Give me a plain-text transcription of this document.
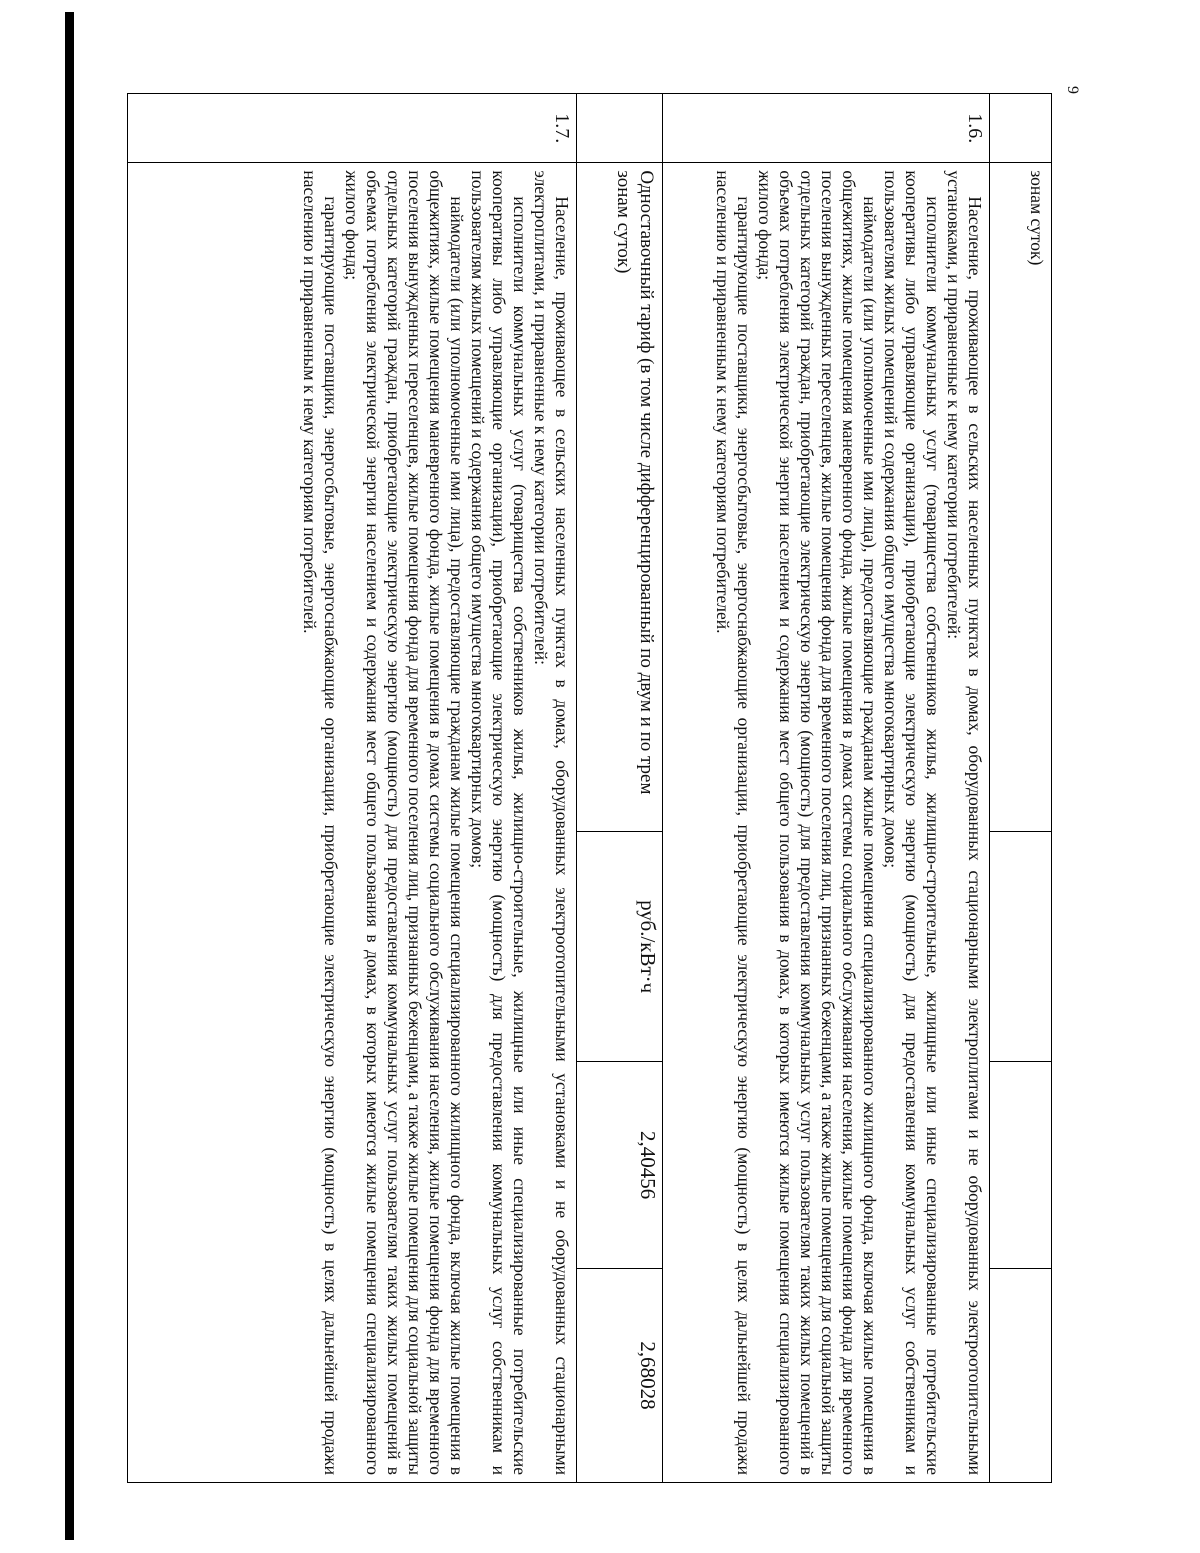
9
	зонам суток)			
1.6.	Население, проживающее в сельских населенных пунктах в домах, оборудованных стационарными электроплитами и не оборудованных электроотопительными установками, и приравненные к нему категории потребителей:

исполнители коммунальных услуг (товарищества собственников жилья, жилищно-строительные, жилищные или иные специализированные потребительские кооперативы либо управляющие организации), приобретающие электрическую энергию (мощность) для предоставления коммунальных услуг собственникам и пользователям жилых помещений и содержания общего имущества многоквартирных домов;

наймодатели (или уполномоченные ими лица), предоставляющие гражданам жилые помещения специализированного жилищного фонда, включая жилые помещения в общежитиях, жилые помещения маневренного фонда, жилые помещения в домах системы социального обслуживания населения, жилые помещения фонда для временного поселения вынужденных переселенцев, жилые помещения фонда для временного поселения лиц, признанных беженцами, а также жилые помещения для социальной защиты отдельных категорий граждан, приобретающие электрическую энергию (мощность) для предоставления коммунальных услуг пользователям таких жилых помещений в объемах потребления электрической энергии населением и содержания мест общего пользования в домах, в которых имеются жилые помещения специализированного жилого фонда;

гарантирующие поставщики, энергосбытовые, энергоснабжающие организации, приобретающие электрическую энергию (мощность) в целях дальнейшей продажи населению и приравненным к нему категориям потребителей.			

	Одноставочный тариф (в том числе дифференцированный по двум и по трем зонам суток)	руб./кВт·ч	2,40456	2,68028
1.7.	Население, проживающее в сельских населенных пунктах в домах, оборудованных электроотопительными установками и не оборудованных стационарными электроплитами, и приравненные к нему категории потребителей:

исполнители коммунальных услуг (товарищества собственников жилья, жилищно-строительные, жилищные или иные специализированные потребительские кооперативы либо управляющие организации), приобретающие электрическую энергию (мощность) для предоставления коммунальных услуг собственникам и пользователям жилых помещений и содержания общего имущества многоквартирных домов;

наймодатели (или уполномоченные ими лица), предоставляющие гражданам жилые помещения специализированного жилищного фонда, включая жилые помещения в общежитиях, жилые помещения маневренного фонда, жилые помещения в домах системы социального обслуживания населения, жилые помещения фонда для временного поселения вынужденных переселенцев, жилые помещения фонда для временного поселения лиц, признанных беженцами, а также жилые помещения для социальной защиты отдельных категорий граждан, приобретающие электрическую энергию (мощность) для предоставления коммунальных услуг пользователям таких жилых помещений в объемах потребления электрической энергии населением и содержания мест общего пользования в домах, в которых имеются жилые помещения специализированного жилого фонда;

гарантирующие поставщики, энергосбытовые, энергоснабжающие организации, приобретающие электрическую энергию (мощность) в целях дальнейшей продажи населению и приравненным к нему категориям потребителей.			
